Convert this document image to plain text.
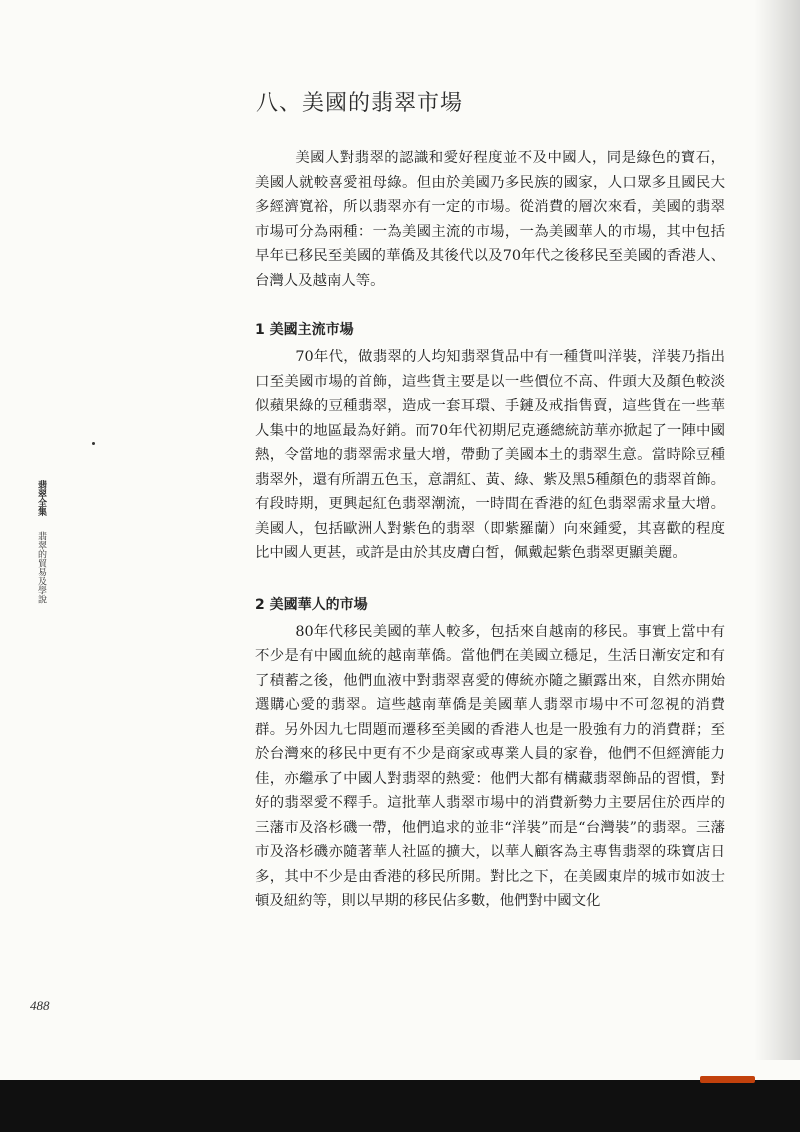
八、美國的翡翠市場

美國人對翡翠的認識和愛好程度並不及中國人，同是綠色的寶石，美國人就較喜愛祖母綠。但由於美國乃多民族的國家，人口眾多且國民大多經濟寬裕，所以翡翠亦有一定的市場。從消費的層次來看，美國的翡翠市場可分為兩種：一為美國主流的市場，一為美國華人的市場，其中包括早年已移民至美國的華僑及其後代以及70年代之後移民至美國的香港人、台灣人及越南人等。

1 美國主流市場

70年代，做翡翠的人均知翡翠貨品中有一種貨叫洋裝，洋裝乃指出口至美國市場的首飾，這些貨主要是以一些價位不高、件頭大及顏色較淡似蘋果綠的豆種翡翠，造成一套耳環、手鏈及戒指售賣，這些貨在一些華人集中的地區最為好銷。而70年代初期尼克遜總統訪華亦掀起了一陣中國熱，令當地的翡翠需求量大增，帶動了美國本土的翡翠生意。當時除豆種翡翠外，還有所謂五色玉，意謂紅、黃、綠、紫及黑5種顏色的翡翠首飾。有段時期，更興起紅色翡翠潮流，一時間在香港的紅色翡翠需求量大增。美國人，包括歐洲人對紫色的翡翠（即紫羅蘭）向來鍾愛，其喜歡的程度比中國人更甚，或許是由於其皮膚白皙，佩戴起紫色翡翠更顯美麗。

2 美國華人的市場

80年代移民美國的華人較多，包括來自越南的移民。事實上當中有不少是有中國血統的越南華僑。當他們在美國立穩足，生活日漸安定和有了積蓄之後，他們血液中對翡翠喜愛的傳統亦隨之顯露出來，自然亦開始選購心愛的翡翠。這些越南華僑是美國華人翡翠市場中不可忽視的消費群。另外因九七問題而遷移至美國的香港人也是一股強有力的消費群；至於台灣來的移民中更有不少是商家或專業人員的家眷，他們不但經濟能力佳，亦繼承了中國人對翡翠的熱愛：他們大都有構藏翡翠飾品的習慣，對好的翡翠愛不釋手。這批華人翡翠市場中的消費新勢力主要居住於西岸的三藩市及洛杉磯一帶，他們追求的並非“洋裝”而是“台灣裝”的翡翠。三藩市及洛杉磯亦隨著華人社區的擴大，以華人顧客為主專售翡翠的珠寶店日多，其中不少是由香港的移民所開。對比之下，在美國東岸的城市如波士頓及紐約等，則以早期的移民佔多數，他們對中國文化

翡翠全集  翡翠的貿易及學說
488
